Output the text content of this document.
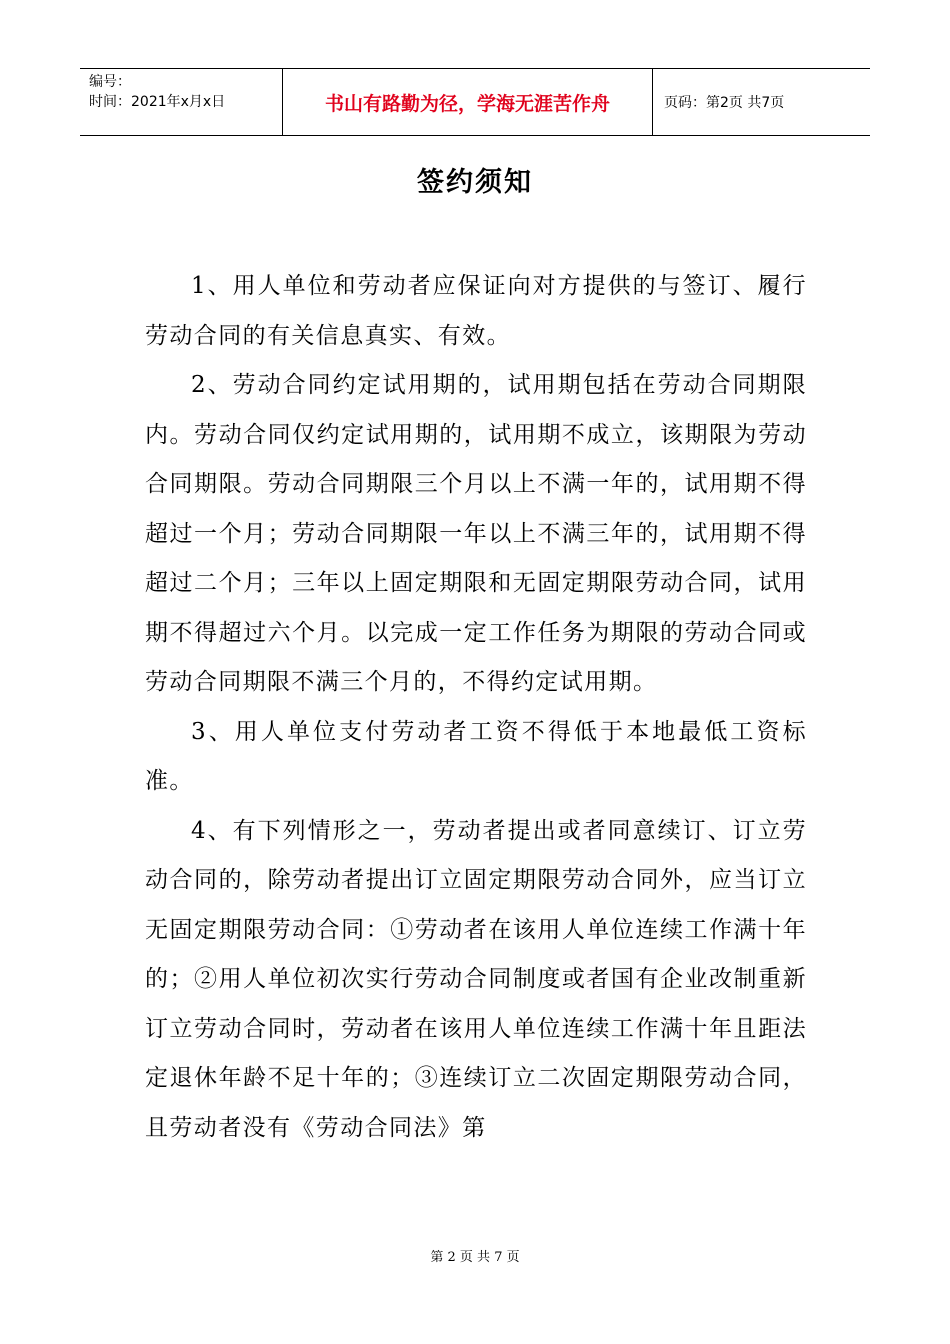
编号：
时间：2021年x月x日	书山有路勤为径，学海无涯苦作舟	页码：第2页 共7页
签约须知

1、用人单位和劳动者应保证向对方提供的与签订、履行劳动合同的有关信息真实、有效。

2、劳动合同约定试用期的，试用期包括在劳动合同期限内。劳动合同仅约定试用期的，试用期不成立，该期限为劳动合同期限。劳动合同期限三个月以上不满一年的，试用期不得超过一个月；劳动合同期限一年以上不满三年的，试用期不得超过二个月；三年以上固定期限和无固定期限劳动合同，试用期不得超过六个月。以完成一定工作任务为期限的劳动合同或劳动合同期限不满三个月的，不得约定试用期。

3、用人单位支付劳动者工资不得低于本地最低工资标准。

4、有下列情形之一，劳动者提出或者同意续订、订立劳动合同的，除劳动者提出订立固定期限劳动合同外，应当订立无固定期限劳动合同：①劳动者在该用人单位连续工作满十年的；②用人单位初次实行劳动合同制度或者国有企业改制重新订立劳动合同时，劳动者在该用人单位连续工作满十年且距法定退休年龄不足十年的；③连续订立二次固定期限劳动合同，且劳动者没有《劳动合同法》第

第 2 页 共 7 页
